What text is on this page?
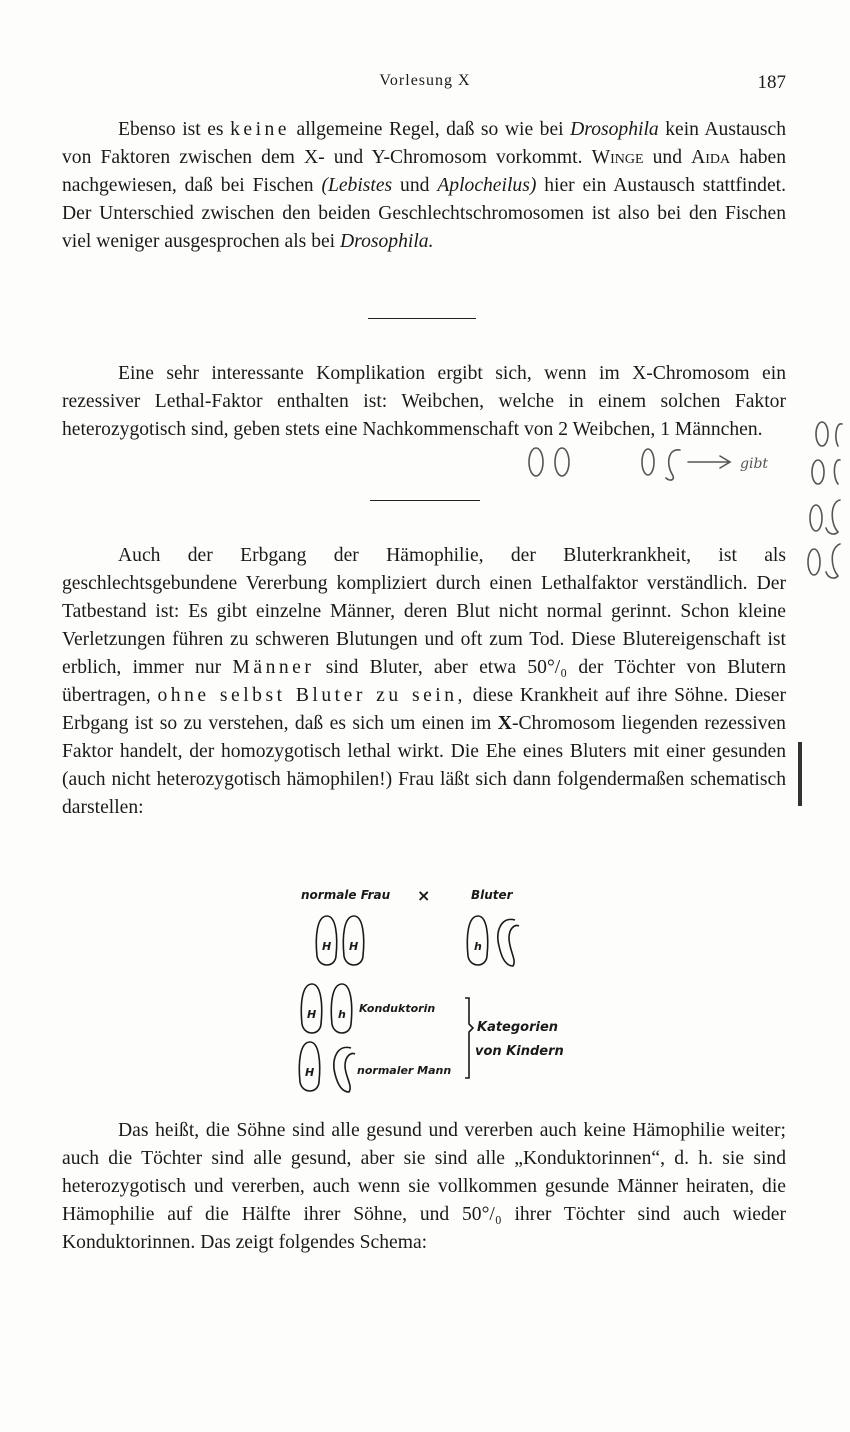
Vorlesung X	187

Ebenso ist es keine allgemeine Regel, daß so wie bei Drosophila kein Austausch von Faktoren zwischen dem X- und Y-Chromosom vorkommt. Winge und Aida haben nachgewiesen, daß bei Fischen (Lebistes und Aplocheilus) hier ein Austausch stattfindet. Der Unterschied zwischen den beiden Geschlechtschromosomen ist also bei den Fischen viel weniger ausgesprochen als bei Drosophila.

Eine sehr interessante Komplikation ergibt sich, wenn im X-Chromosom ein rezessiver Lethal-Faktor enthalten ist: Weibchen, welche in einem solchen Faktor heterozygotisch sind, geben stets eine Nachkommenschaft von 2 Weibchen, 1 Männchen.

Auch der Erbgang der Hämophilie, der Bluterkrankheit, ist als geschlechtsgebundene Vererbung kompliziert durch einen Lethalfaktor verständlich. Der Tatbestand ist: Es gibt einzelne Männer, deren Blut nicht normal gerinnt. Schon kleine Verletzungen führen zu schweren Blutungen und oft zum Tod. Diese Blutereigenschaft ist erblich, immer nur Männer sind Bluter, aber etwa 50°/₀ der Töchter von Blutern übertragen, ohne selbst Bluter zu sein, diese Krankheit auf ihre Söhne. Dieser Erbgang ist so zu verstehen, daß es sich um einen im X-Chromosom liegenden rezessiven Faktor handelt, der homozygotisch lethal wirkt. Die Ehe eines Bluters mit einer gesunden (auch nicht heterozygotisch hämophilen!) Frau läßt sich dann folgendermaßen schematisch darstellen:

normale Frau ×	Bluter
H H	h
H h
H
Konduktorin
normaler Mann
Kategorien
von Kindern

Das heißt, die Söhne sind alle gesund und vererben auch keine Hämophilie weiter; auch die Töchter sind alle gesund, aber sie sind alle „Konduktorinnen“, d. h. sie sind heterozygotisch und vererben, auch wenn sie vollkommen gesunde Männer heiraten, die Hämophilie auf die Hälfte ihrer Söhne, und 50°/₀ ihrer Töchter sind auch wieder Konduktorinnen. Das zeigt folgendes Schema:

gibt
